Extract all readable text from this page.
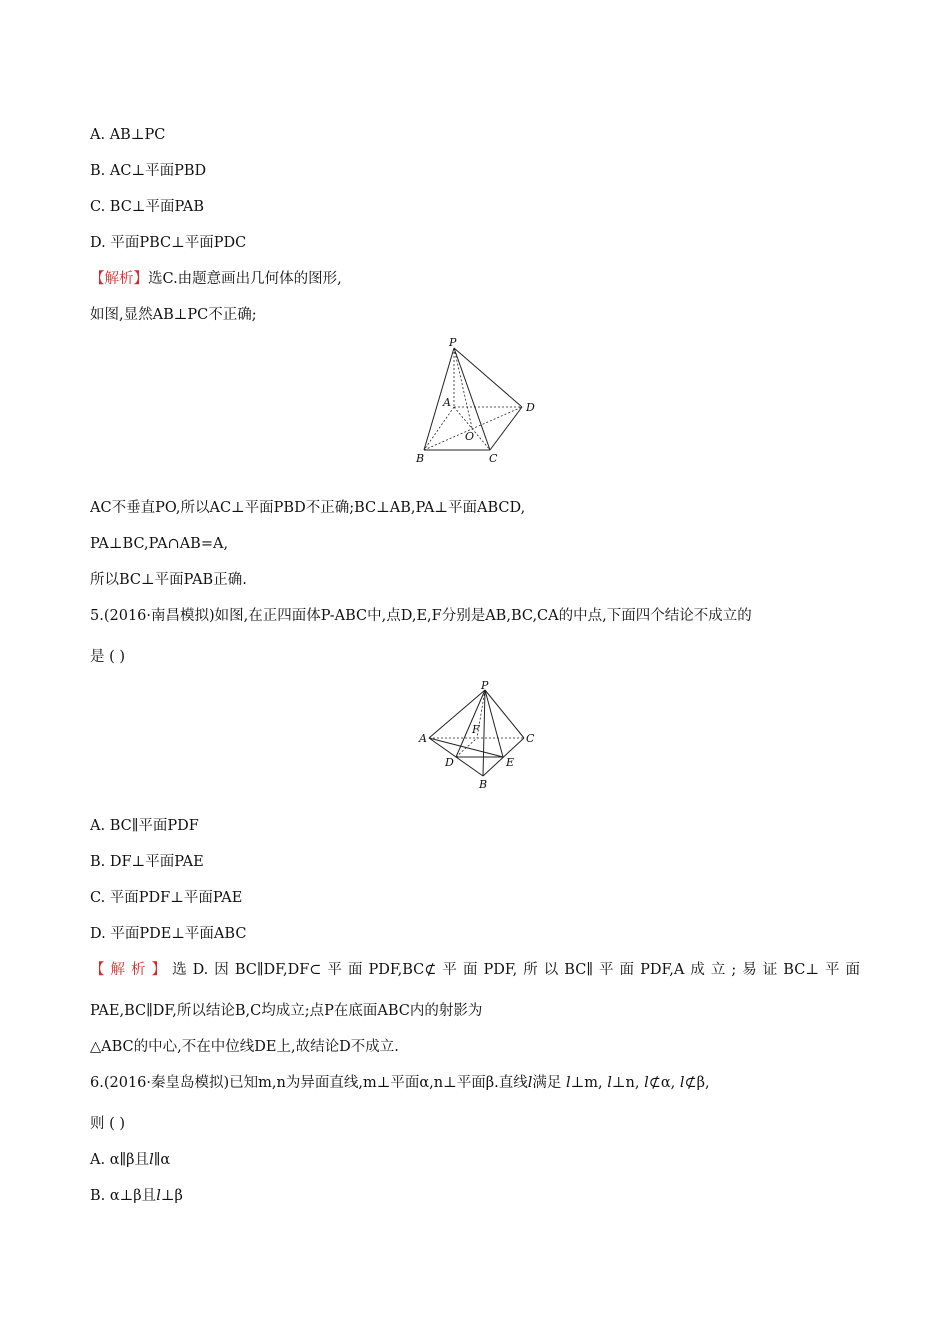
A. AB⊥PC
B. AC⊥平面PBD
C. BC⊥平面PAB
D. 平面PBC⊥平面PDC
【解析】选C.由题意画出几何体的图形,
如图,显然AB⊥PC不正确;
P
A	D
O
B	C
AC不垂直PO,所以AC⊥平面PBD不正确;BC⊥AB,PA⊥平面ABCD,
PA⊥BC,PA∩AB=A,
所以BC⊥平面PAB正确.
5.(2016·南昌模拟)如图,在正四面体P-ABC中,点D,E,F分别是AB,BC,CA的中点,下面四个结论不成立的
是 ( )
P
A	C
F
D	E
B
A. BC∥平面PDF
B. DF⊥平面PAE
C. 平面PDF⊥平面PAE
D. 平面PDE⊥平面ABC
【解析】选D.因BC∥DF,DF⊂平面PDF,BC⊄平面PDF,所以BC∥平面PDF,A成立;易证BC⊥平面
PAE,BC∥DF,所以结论B,C均成立;点P在底面ABC内的射影为
△ABC的中心,不在中位线DE上,故结论D不成立.
6.(2016·秦皇岛模拟)已知m,n为异面直线,m⊥平面α,n⊥平面β.直线l满足 l⊥m, l⊥n, l⊄α, l⊄β,
则 ( )
A. α∥β且l∥α
B. α⊥β且l⊥β
